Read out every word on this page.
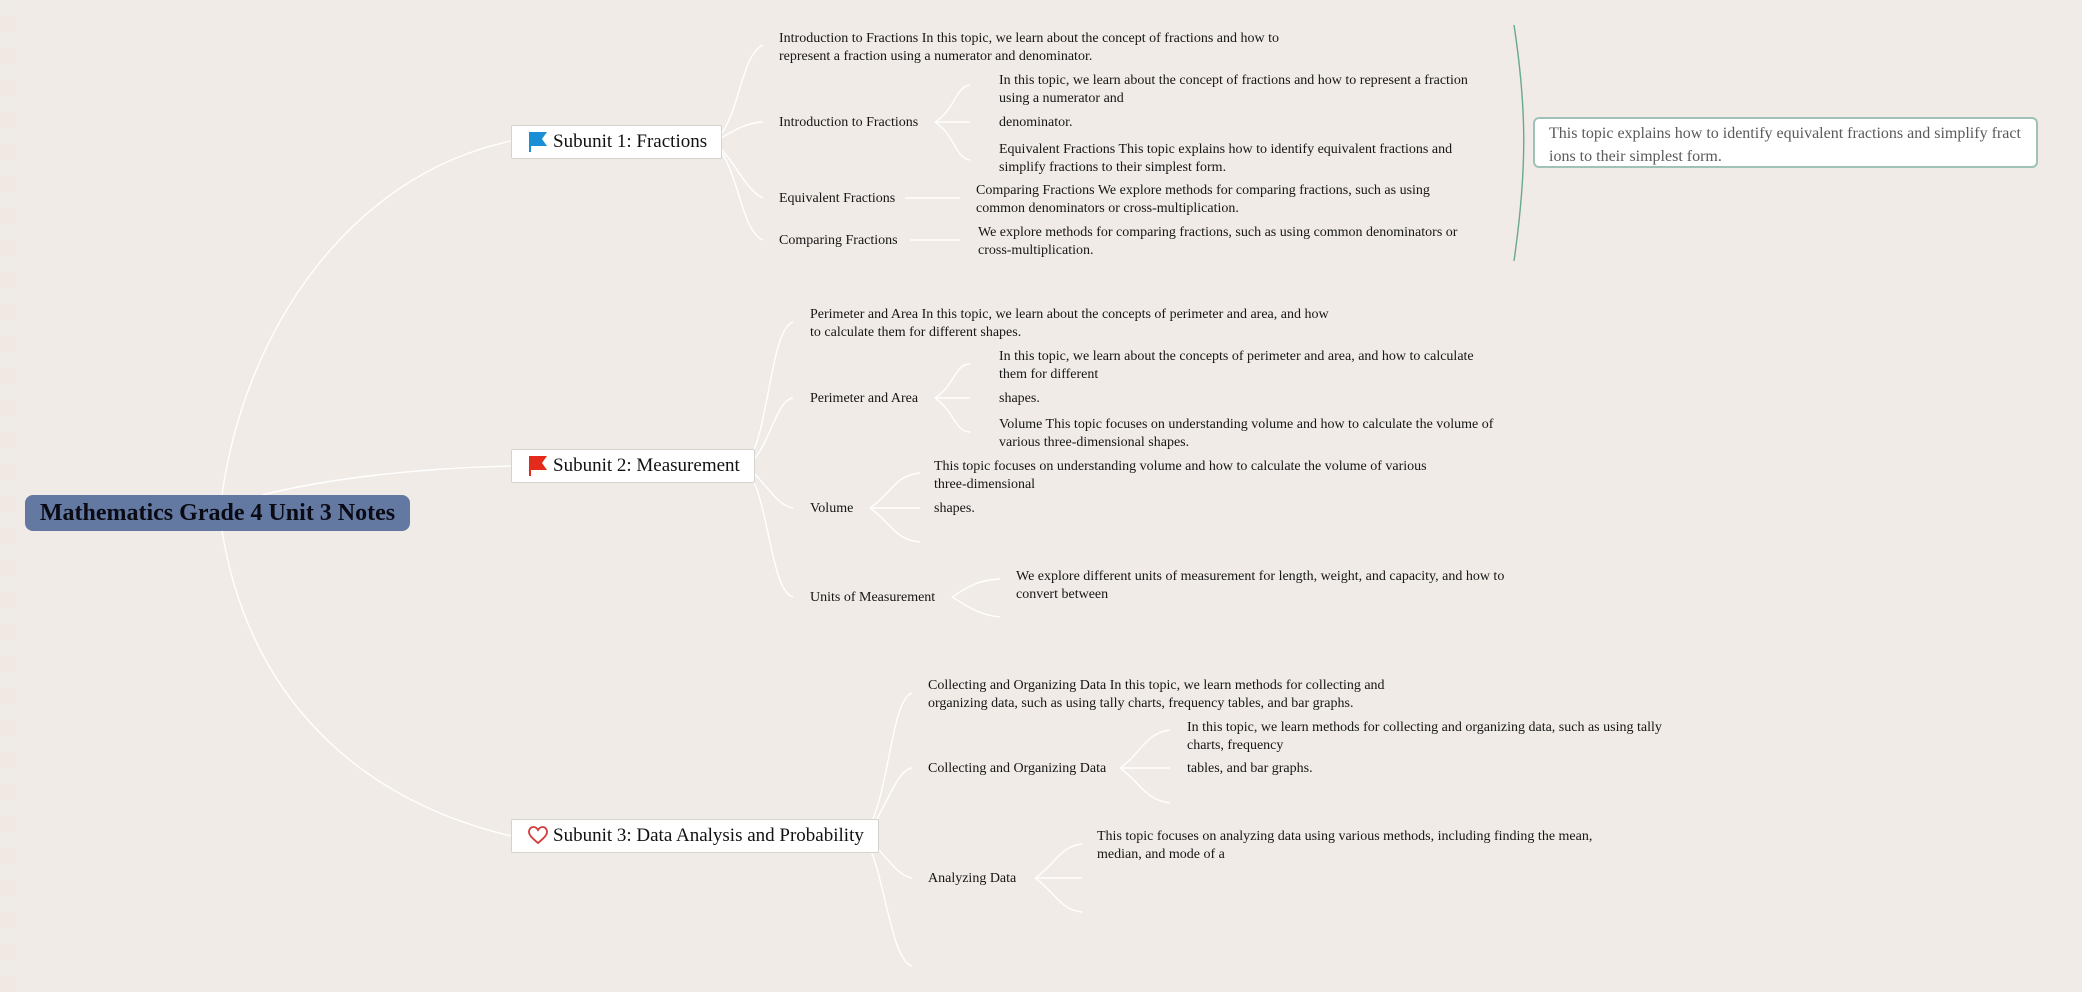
Mathematics Grade 4 Unit 3 Notes
Subunit 1: Fractions
Introduction to Fractions In this topic, we learn about the concept of fractions and how to represent a fraction using a numerator and denominator.
Introduction to Fractions
In this topic, we learn about the concept of fractions and how to represent a fraction using a numerator and
denominator.
Equivalent Fractions This topic explains how to identify equivalent fractions and simplify fractions to their simplest form.
Equivalent Fractions
Comparing Fractions We explore methods for comparing fractions, such as using common denominators or cross-multiplication.
Comparing Fractions
We explore methods for comparing fractions, such as using common denominators or cross-multiplication.
This topic explains how to identify equivalent fractions and simplify fract ions to their simplest form.
Subunit 2: Measurement
Perimeter and Area In this topic, we learn about the concepts of perimeter and area, and how to calculate them for different shapes.
Perimeter and Area
In this topic, we learn about the concepts of perimeter and area, and how to calculate them for different
shapes.
Volume This topic focuses on understanding volume and how to calculate the volume of various three-dimensional shapes.
Volume
This topic focuses on understanding volume and how to calculate the volume of various three-dimensional
shapes.
Units of Measurement
We explore different units of measurement for length, weight, and capacity, and how to convert between
Subunit 3: Data Analysis and Probability
Collecting and Organizing Data In this topic, we learn methods for collecting and organizing data, such as using tally charts, frequency tables, and bar graphs.
Collecting and Organizing Data
In this topic, we learn methods for collecting and organizing data, such as using tally charts, frequency
tables, and bar graphs.
Analyzing Data
This topic focuses on analyzing data using various methods, including finding the mean, median, and mode of a
